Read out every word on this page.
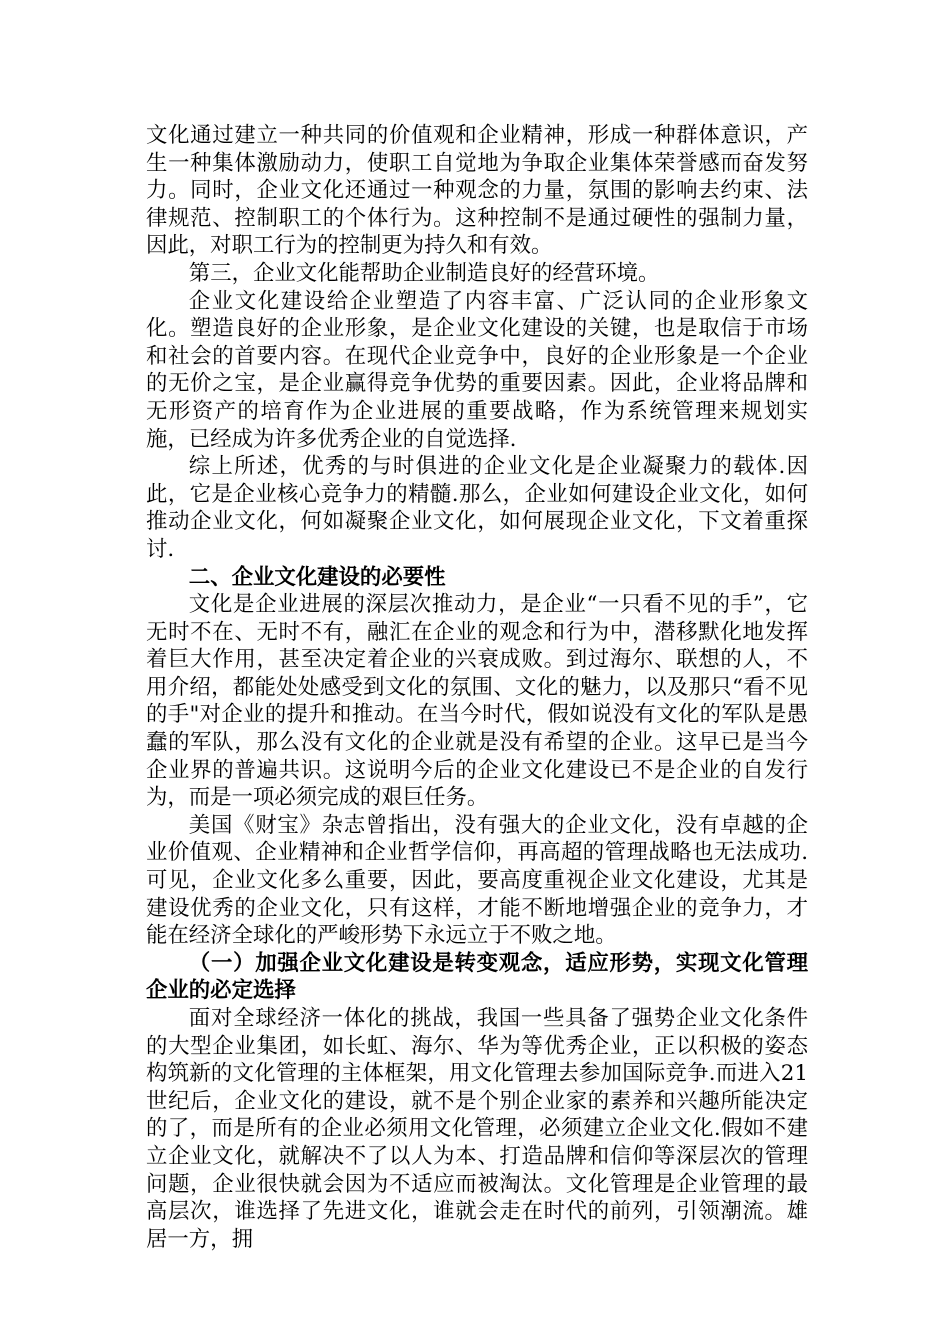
文化通过建立一种共同的价值观和企业精神，形成一种群体意识，产生一种集体激励动力，使职工自觉地为争取企业集体荣誉感而奋发努力。同时，企业文化还通过一种观念的力量，氛围的影响去约束、法律规范、控制职工的个体行为。这种控制不是通过硬性的强制力量，因此，对职工行为的控制更为持久和有效。

第三，企业文化能帮助企业制造良好的经营环境。

企业文化建设给企业塑造了内容丰富、广泛认同的企业形象文化。塑造良好的企业形象，是企业文化建设的关键，也是取信于市场和社会的首要内容。在现代企业竞争中，良好的企业形象是一个企业的无价之宝，是企业赢得竞争优势的重要因素。因此，企业将品牌和无形资产的培育作为企业进展的重要战略，作为系统管理来规划实施，已经成为许多优秀企业的自觉选择.

综上所述，优秀的与时俱进的企业文化是企业凝聚力的载体.因此，它是企业核心竞争力的精髓.那么，企业如何建设企业文化，如何推动企业文化，何如凝聚企业文化，如何展现企业文化，下文着重探讨.

二、企业文化建设的必要性

文化是企业进展的深层次推动力，是企业“一只看不见的手”，它无时不在、无时不有，融汇在企业的观念和行为中，潜移默化地发挥着巨大作用，甚至决定着企业的兴衰成败。到过海尔、联想的人，不用介绍，都能处处感受到文化的氛围、文化的魅力，以及那只“看不见的手"对企业的提升和推动。在当今时代，假如说没有文化的军队是愚蠢的军队，那么没有文化的企业就是没有希望的企业。这早已是当今企业界的普遍共识。这说明今后的企业文化建设已不是企业的自发行为，而是一项必须完成的艰巨任务。

美国《财宝》杂志曾指出，没有强大的企业文化，没有卓越的企业价值观、企业精神和企业哲学信仰，再高超的管理战略也无法成功.可见，企业文化多么重要，因此，要高度重视企业文化建设，尤其是建设优秀的企业文化，只有这样，才能不断地增强企业的竞争力，才能在经济全球化的严峻形势下永远立于不败之地。

（一）加强企业文化建设是转变观念，适应形势，实现文化管理企业的必定选择

面对全球经济一体化的挑战，我国一些具备了强势企业文化条件的大型企业集团，如长虹、海尔、华为等优秀企业，正以积极的姿态构筑新的文化管理的主体框架，用文化管理去参加国际竞争.而进入21世纪后，企业文化的建设，就不是个别企业家的素养和兴趣所能决定的了，而是所有的企业必须用文化管理，必须建立企业文化.假如不建立企业文化，就解决不了以人为本、打造品牌和信仰等深层次的管理问题，企业很快就会因为不适应而被淘汰。文化管理是企业管理的最高层次，谁选择了先进文化，谁就会走在时代的前列，引领潮流。雄居一方，拥
